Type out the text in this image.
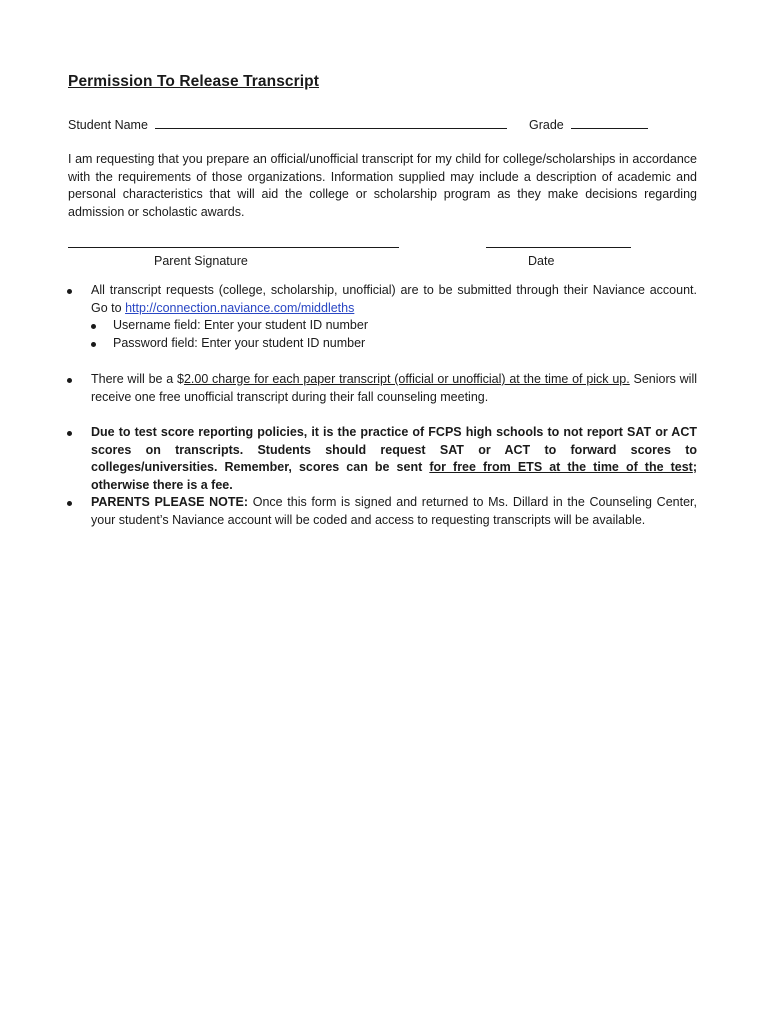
Permission To Release Transcript
Student Name	Grade
I am requesting that you prepare an official/unofficial transcript for my child for college/scholarships in accordance with the requirements of those organizations. Information supplied may include a description of academic and personal characteristics that will aid the college or scholarship program as they make decisions regarding admission or scholastic awards.
Parent Signature	Date
All transcript requests (college, scholarship, unofficial) are to be submitted through their Naviance account. Go to http://connection.naviance.com/middleths
Username field: Enter your student ID number
Password field: Enter your student ID number
There will be a $2.00 charge for each paper transcript (official or unofficial) at the time of pick up. Seniors will receive one free unofficial transcript during their fall counseling meeting.
Due to test score reporting policies, it is the practice of FCPS high schools to not report SAT or ACT scores on transcripts. Students should request SAT or ACT to forward scores to colleges/universities. Remember, scores can be sent for free from ETS at the time of the test; otherwise there is a fee.
PARENTS PLEASE NOTE: Once this form is signed and returned to Ms. Dillard in the Counseling Center, your student’s Naviance account will be coded and access to requesting transcripts will be available.
